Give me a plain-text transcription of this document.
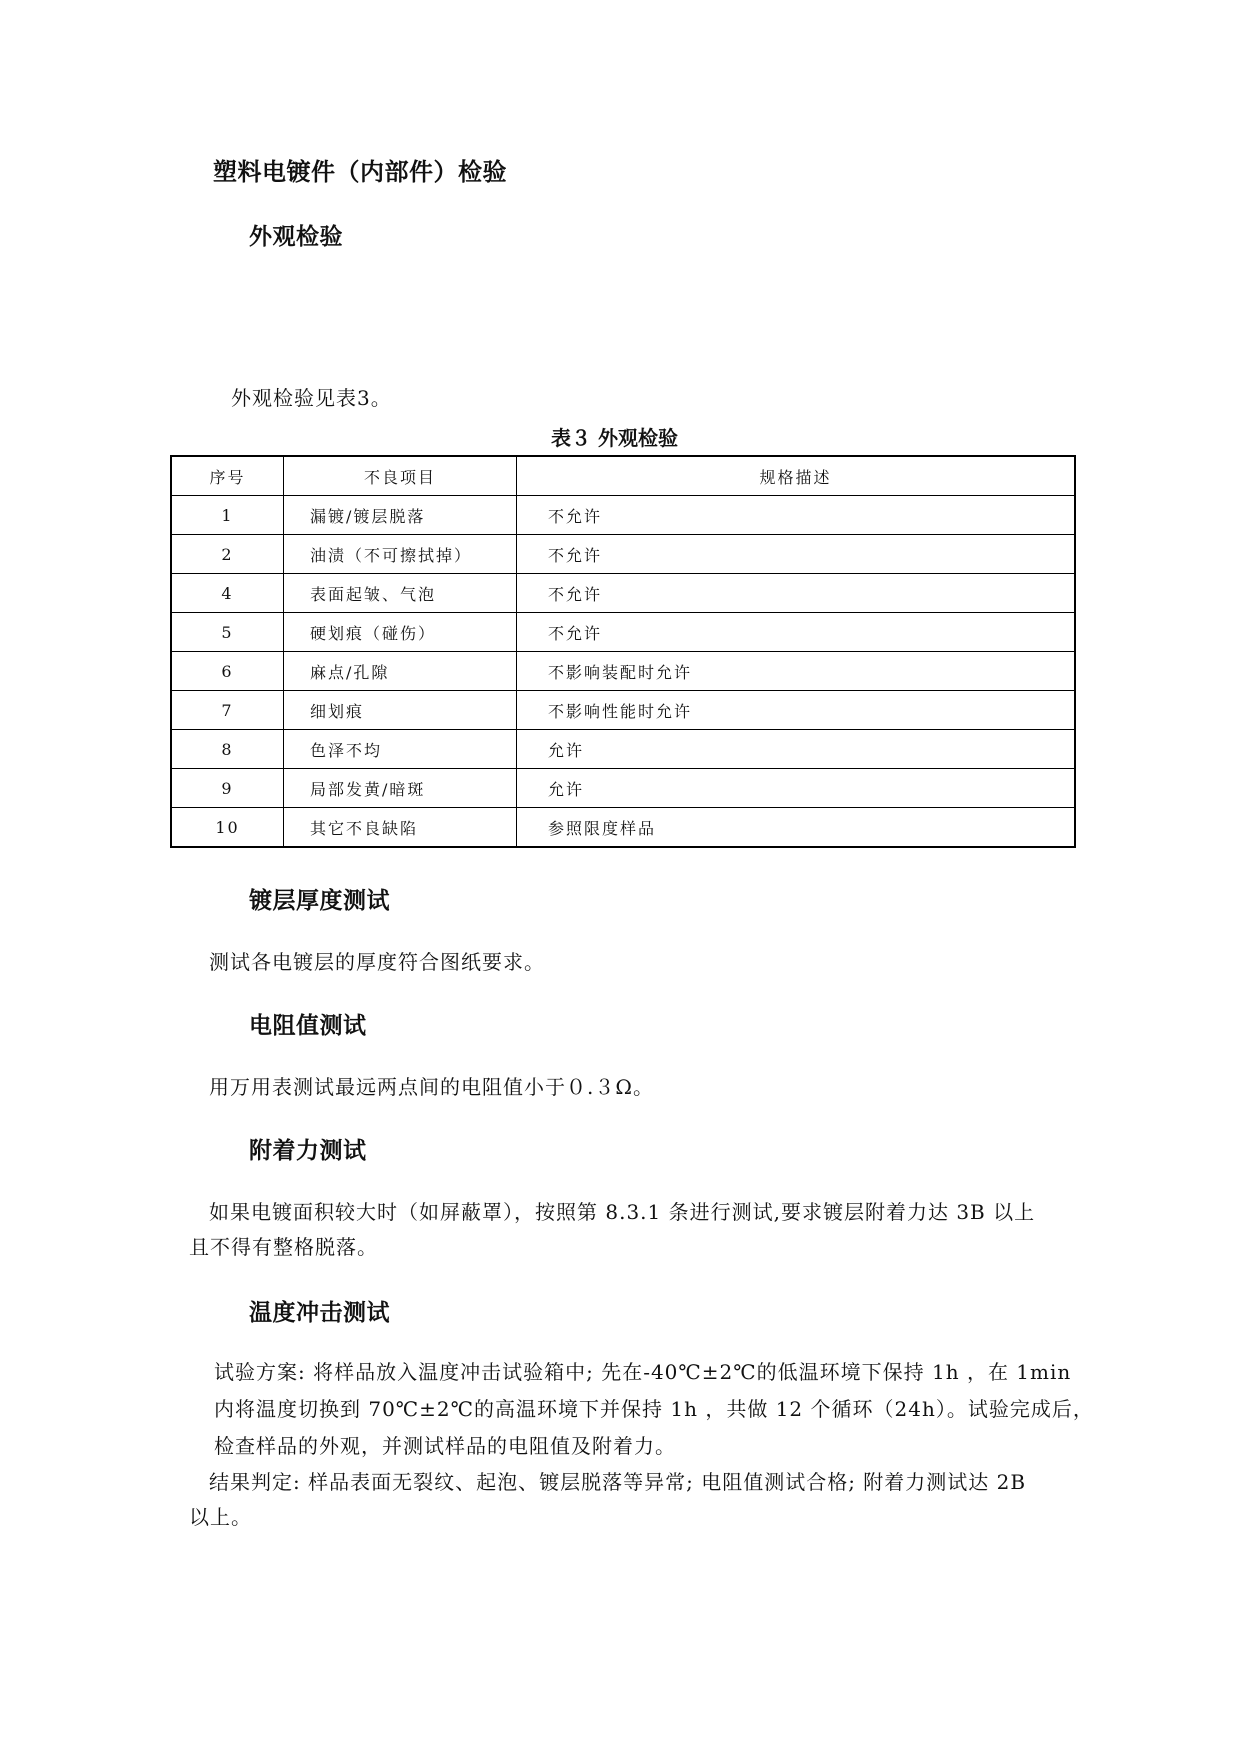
塑料电镀件（内部件）检验
外观检验
外观检验见表3。
表３ 外观检验
序号	不良项目	规格描述
1	漏镀/镀层脱落	不允许
2	油渍（不可擦拭掉）	不允许
4	表面起皱、气泡	不允许
5	硬划痕（碰伤）	不允许
6	麻点/孔隙	不影响装配时允许
7	细划痕	不影响性能时允许
8	色泽不均	允许
9	局部发黄/暗斑	允许
10	其它不良缺陷	参照限度样品
镀层厚度测试
测试各电镀层的厚度符合图纸要求。
电阻值测试
用万用表测试最远两点间的电阻值小于０.３Ω。
附着力测试
如果电镀面积较大时（如屏蔽罩），按照第 8.3.1 条进行测试,要求镀层附着力达 3B 以上
且不得有整格脱落。
温度冲击测试
试验方案: 将样品放入温度冲击试验箱中; 先在-40℃±2℃的低温环境下保持 1h ，在 1min
内将温度切换到 70℃±2℃的高温环境下并保持 1h ，共做 12 个循环（24h）。试验完成后，
检查样品的外观，并测试样品的电阻值及附着力。
结果判定: 样品表面无裂纹、起泡、镀层脱落等异常; 电阻值测试合格; 附着力测试达 2B
以上。
